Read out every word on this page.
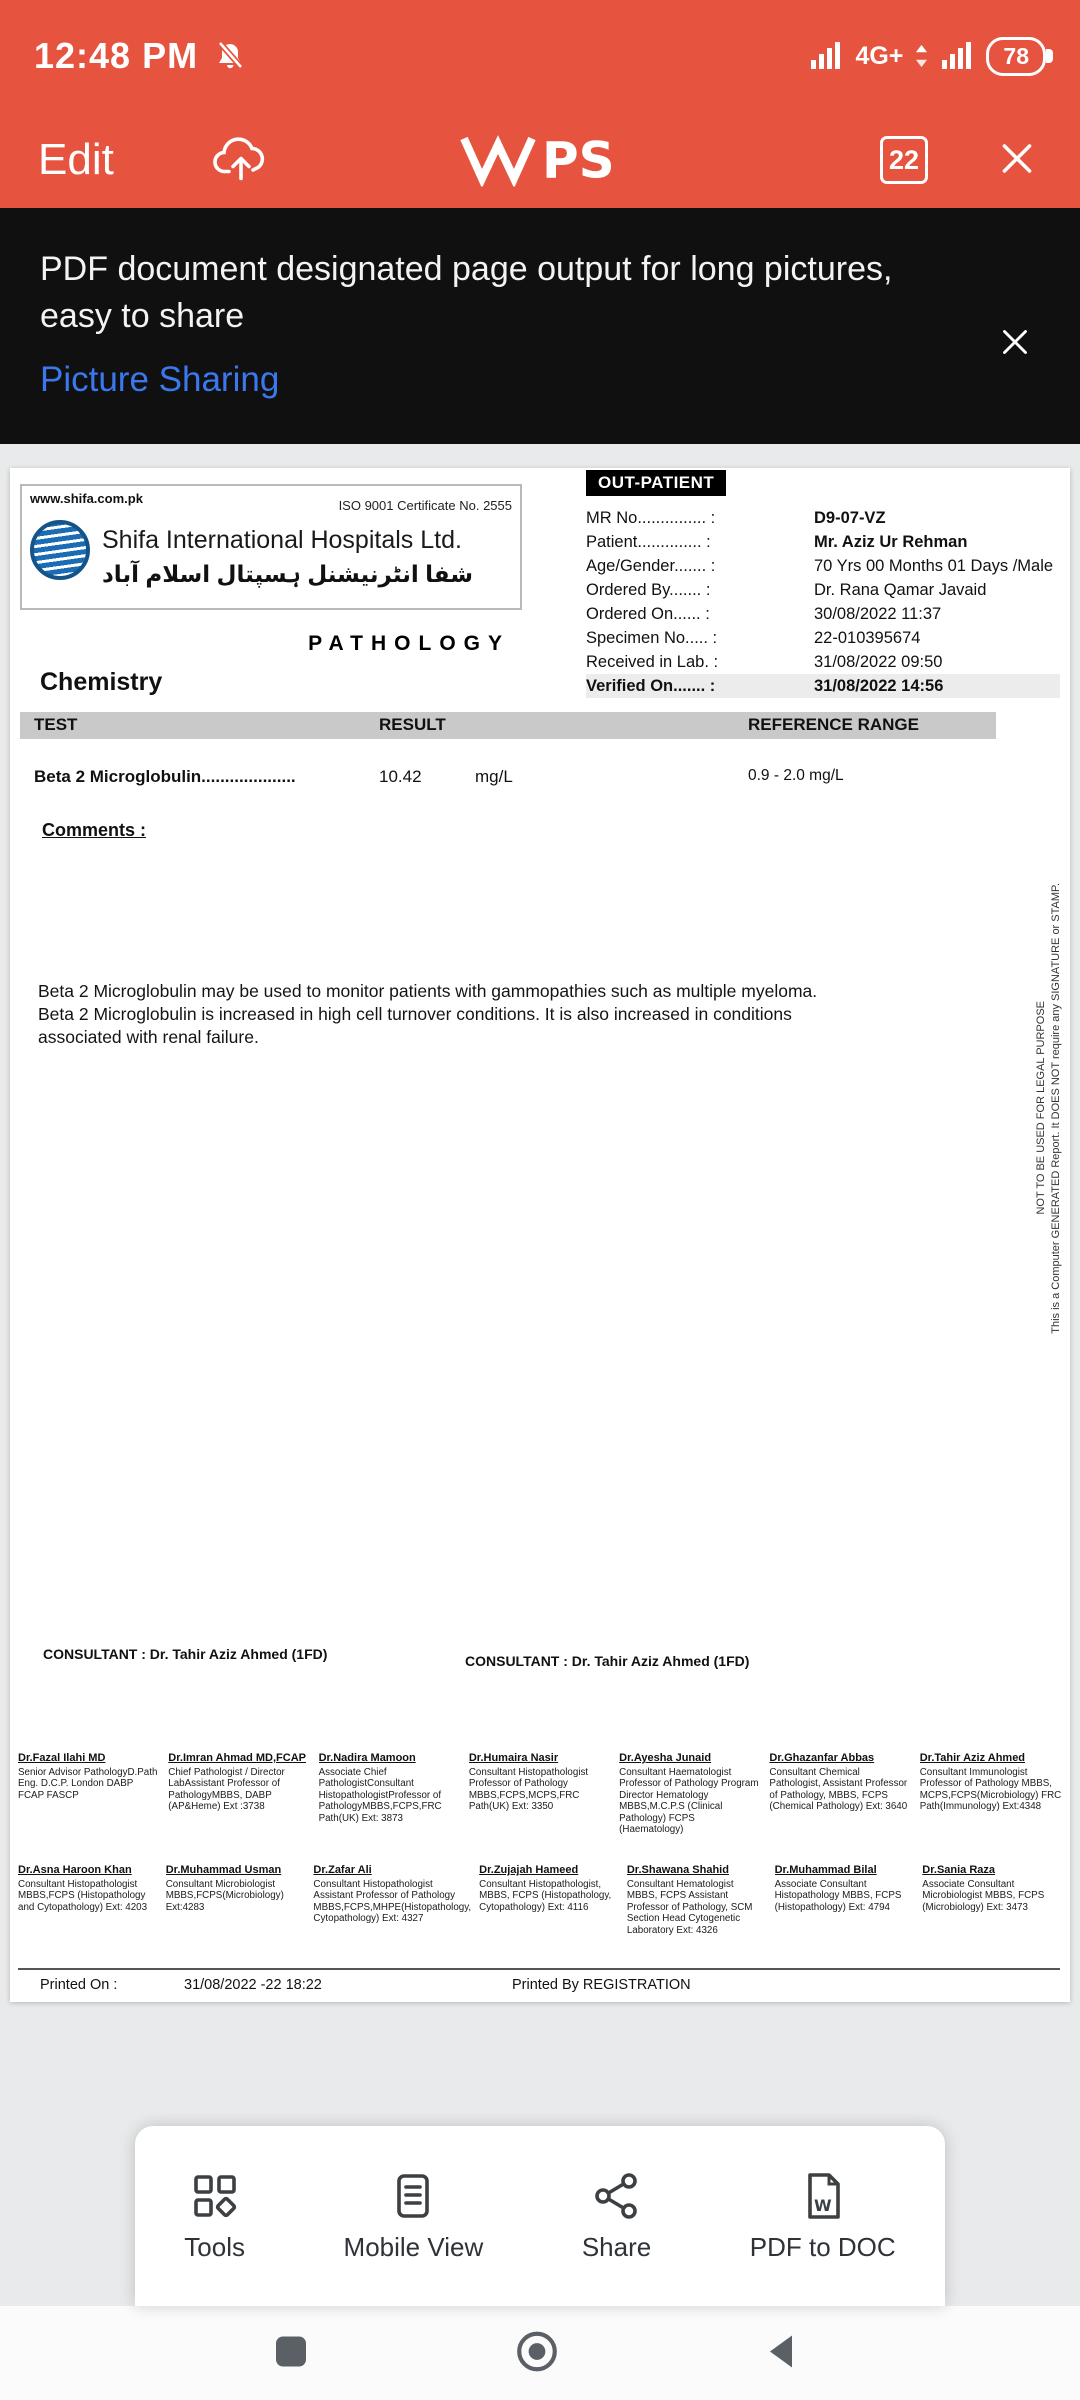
12:48 PM	4G+	78
Edit	PS	22

PDF document designated page output for long pictures, easy to share

Picture Sharing
www.shifa.com.pk	ISO 9001 Certificate No. 2555
Shifa International Hospitals Ltd.
شفا انٹرنیشنل ہسپتال اسلام آباد
PATHOLOGY
OUT-PATIENT
MR No............... :	D9-07-VZ
Patient.............. :	Mr. Aziz Ur Rehman
Age/Gender....... :	70 Yrs 00 Months 01 Days /Male
Ordered By....... :	Dr. Rana Qamar Javaid
Ordered On...... :	30/08/2022 11:37
Specimen No..... :	22-010395674
Received in Lab. :	31/08/2022 09:50
Verified On....... :	31/08/2022 14:56
Chemistry
TEST	RESULT	REFERENCE RANGE
Beta 2 Microglobulin....................	10.42	mg/L	0.9 - 2.0 mg/L
Comments :

Beta 2 Microglobulin may be used to monitor patients with gammopathies such as multiple myeloma. Beta 2 Microglobulin is increased in high cell turnover conditions. It is also increased in conditions associated with renal failure.	This is a Computer GENERATED Report. It DOES NOT require any SIGNATURE or STAMP.
NOT TO BE USED FOR LEGAL PURPOSE
CONSULTANT : Dr. Tahir Aziz Ahmed (1FD)	CONSULTANT : Dr. Tahir Aziz Ahmed (1FD)
Dr.Fazal Ilahi MD
Senior Advisor PathologyD.Path Eng. D.C.P. London DABP FCAP FASCP
Dr.Imran Ahmad MD,FCAP
Chief Pathologist / Director LabAssistant Professor of PathologyMBBS, DABP (AP&Heme) Ext :3738
Dr.Nadira Mamoon
Associate Chief PathologistConsultant HistopathologistProfessor of PathologyMBBS,FCPS,FRC Path(UK) Ext: 3873
Dr.Humaira Nasir
Consultant Histopathologist Professor of Pathology MBBS,FCPS,MCPS,FRC Path(UK) Ext: 3350
Dr.Ayesha Junaid
Consultant Haematologist Professor of Pathology Program Director Hematology MBBS,M.C.P.S (Clinical Pathology) FCPS (Haematology)
Dr.Ghazanfar Abbas
Consultant Chemical Pathologist, Assistant Professor of Pathology, MBBS, FCPS (Chemical Pathology) Ext: 3640
Dr.Tahir Aziz Ahmed
Consultant Immunologist Professor of Pathology MBBS, MCPS,FCPS(Microbiology) FRC Path(Immunology) Ext:4348
Dr.Asna Haroon Khan
Consultant Histopathologist MBBS,FCPS (Histopathology and Cytopathology) Ext: 4203
Dr.Muhammad Usman
Consultant Microbiologist MBBS,FCPS(Microbiology) Ext:4283
Dr.Zafar Ali
Consultant Histopathologist Assistant Professor of Pathology MBBS,FCPS,MHPE(Histopathology, Cytopathology) Ext: 4327
Dr.Zujajah Hameed
Consultant Histopathologist, MBBS, FCPS (Histopathology, Cytopathology) Ext: 4116
Dr.Shawana Shahid
Consultant Hematologist MBBS, FCPS Assistant Professor of Pathology, SCM Section Head Cytogenetic Laboratory Ext: 4326
Dr.Muhammad Bilal
Associate Consultant Histopathology MBBS, FCPS (Histopathology) Ext: 4794
Dr.Sania Raza
Associate Consultant Microbiologist MBBS, FCPS (Microbiology) Ext: 3473
Printed On :	31/08/2022 -22 18:22	Printed By REGISTRATION
Tools	Mobile View	Share
W
PDF to DOC
